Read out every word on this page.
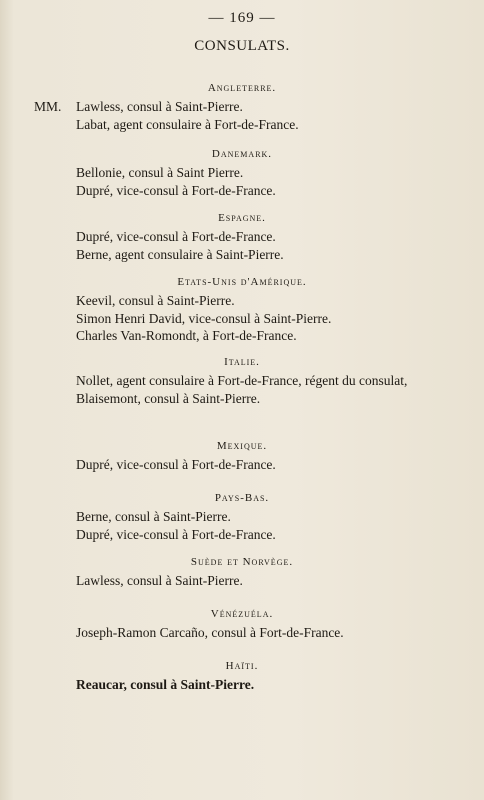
— 169 —
CONSULATS.
Angleterre.
MM. Lawless, consul à Saint-Pierre.
Labat, agent consulaire à Fort-de-France.
Danemark.
Bellonie, consul à Saint Pierre.
Dupré, vice-consul à Fort-de-France.
Espagne.
Dupré, vice-consul à Fort-de-France.
Berne, agent consulaire à Saint-Pierre.
Etats-Unis d'Amérique.
Keevil, consul à Saint-Pierre.
Simon Henri David, vice-consul à Saint-Pierre.
Charles Van-Romondt, à Fort-de-France.
Italie.
Nollet, agent consulaire à Fort-de-France, régent du consulat,
Blaisemont, consul à Saint-Pierre.
Mexique.
Dupré, vice-consul à Fort-de-France.
Pays-Bas.
Berne, consul à Saint-Pierre.
Dupré, vice-consul à Fort-de-France.
Suède et Norvège.
Lawless, consul à Saint-Pierre.
Vénézuéla.
Joseph-Ramon Carcaño, consul à Fort-de-France.
Haïti.
Reaucar, consul à Saint-Pierre.
